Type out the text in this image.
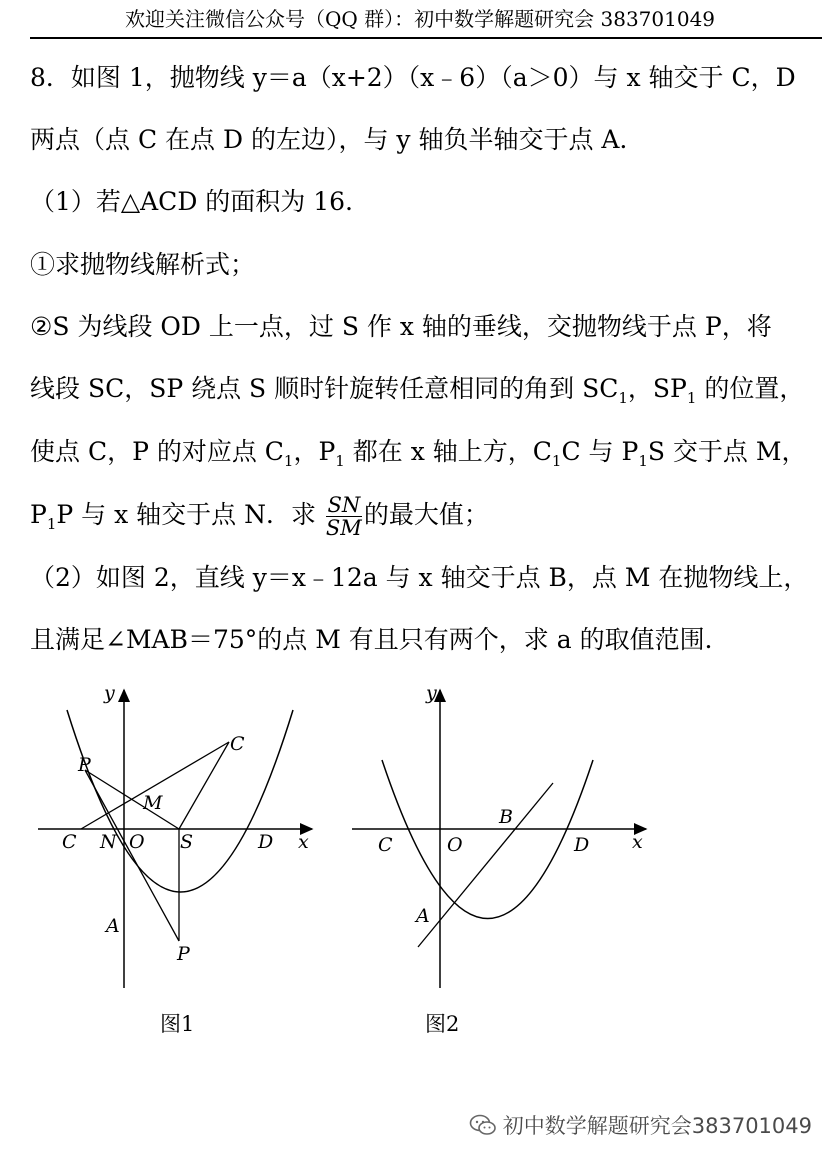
欢迎关注微信公众号（QQ 群）：初中数学解题研究会 383701049
8．如图 1，抛物线 y＝a（x+2）（x﹣6）（a＞0）与 x 轴交于 C，D
两点（点 C 在点 D 的左边），与 y 轴负半轴交于点 A．
（1）若△ACD 的面积为 16．
①求抛物线解析式；
②S 为线段 OD 上一点，过 S 作 x 轴的垂线，交抛物线于点 P，将
线段 SC，SP 绕点 S 顺时针旋转任意相同的角到 $SC_1$，$SP_1$ 的位置，
使点 C，P 的对应点 $C_1$，$P_1$ 都在 x 轴上方，$C_1C$ 与 $P_1S$ 交于点 M，
$P_1P$ 与 x 轴交于点 N．求 $\frac{SN}{SM}$ 的最大值；
（2）如图 2，直线 y＝x﹣12a 与 x 轴交于点 B，点 M 在抛物线上，
且满足∠MAB＝75°的点 M 有且只有两个，求 a 的取值范围．
y
x
P
C
M
C N O S	D
A
P
图1
y
x
B
C	O	D
A
图2
初中数学解题研究会383701049
